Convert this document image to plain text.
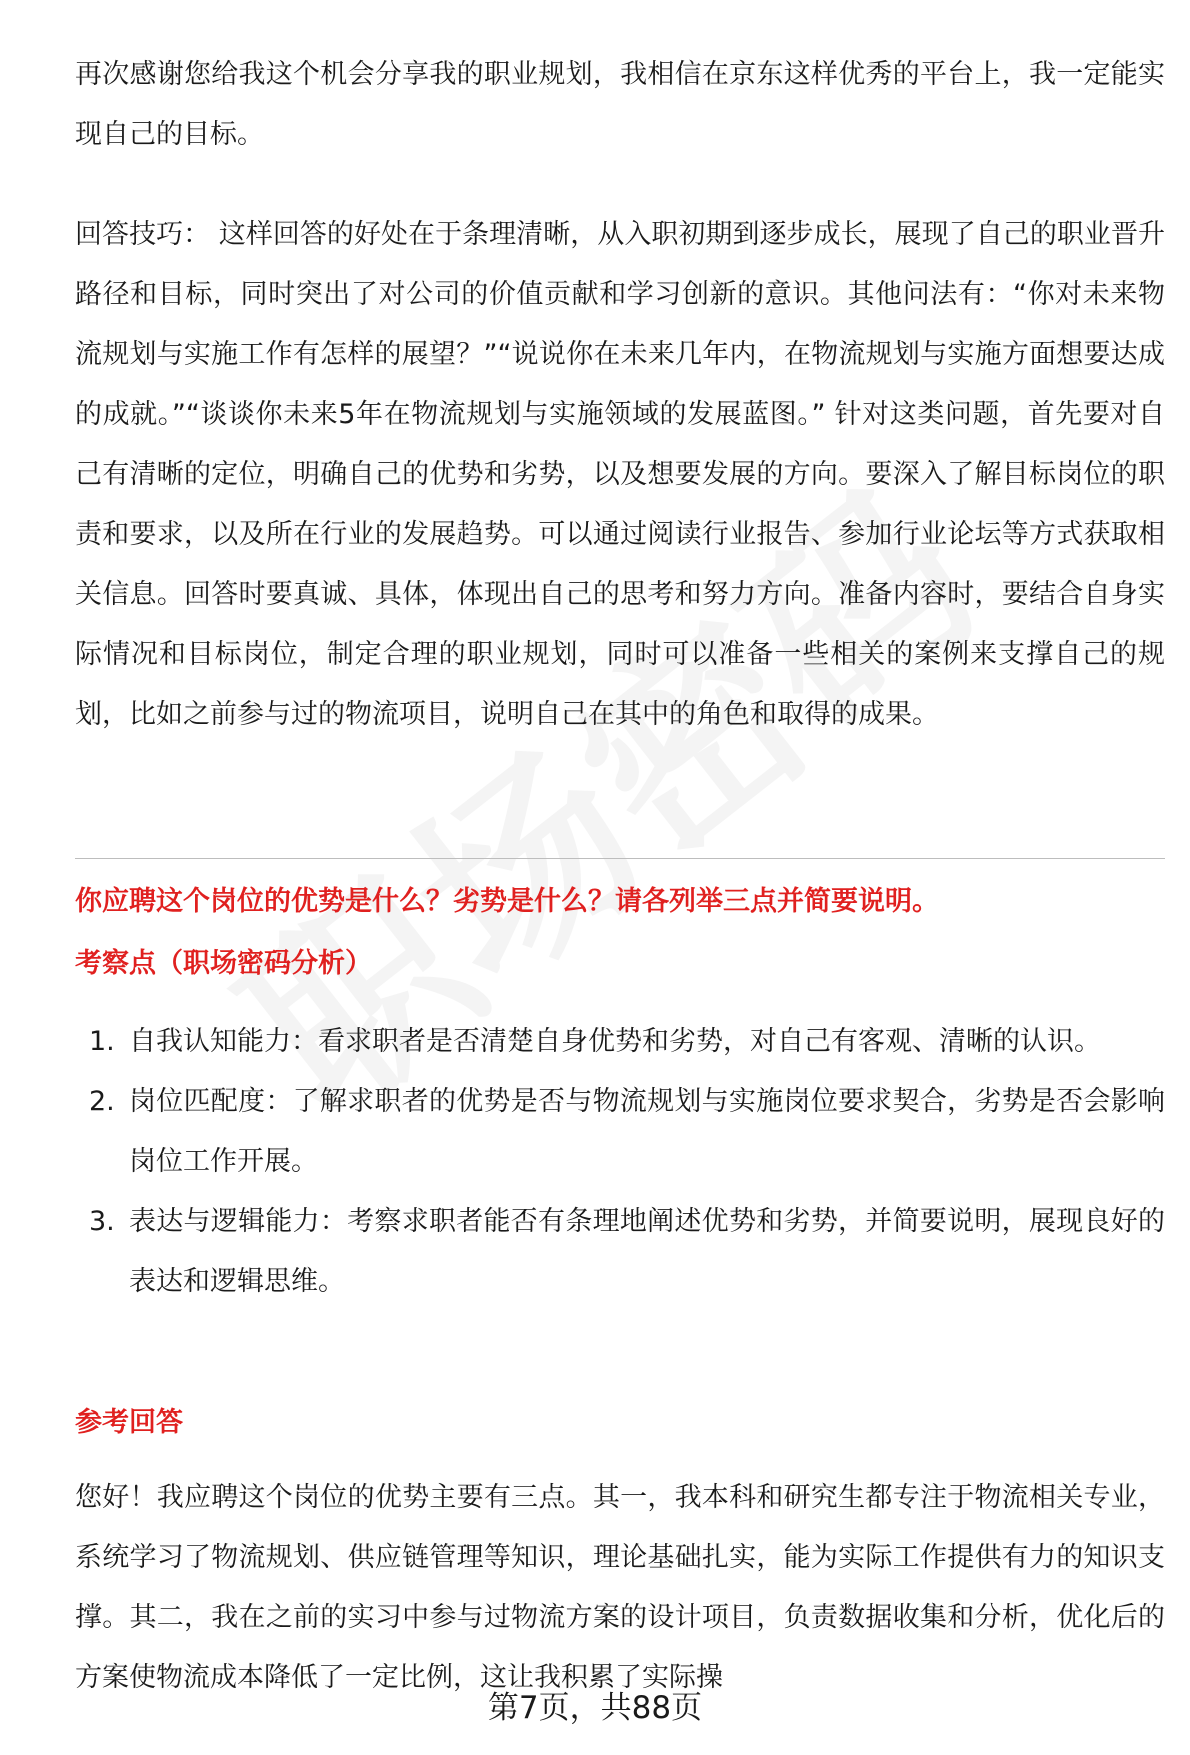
再次感谢您给我这个机会分享我的职业规划，我相信在京东这样优秀的平台上，我一定能实现自己的目标。

回答技巧： 这样回答的好处在于条理清晰，从入职初期到逐步成长，展现了自己的职业晋升路径和目标，同时突出了对公司的价值贡献和学习创新的意识。其他问法有：“你对未来物流规划与实施工作有怎样的展望？”“说说你在未来几年内，在物流规划与实施方面想要达成的成就。”“谈谈你未来5年在物流规划与实施领域的发展蓝图。” 针对这类问题，首先要对自己有清晰的定位，明确自己的优势和劣势，以及想要发展的方向。要深入了解目标岗位的职责和要求，以及所在行业的发展趋势。可以通过阅读行业报告、参加行业论坛等方式获取相关信息。回答时要真诚、具体，体现出自己的思考和努力方向。准备内容时，要结合自身实际情况和目标岗位，制定合理的职业规划，同时可以准备一些相关的案例来支撑自己的规划，比如之前参与过的物流项目，说明自己在其中的角色和取得的成果。

你应聘这个岗位的优势是什么？劣势是什么？请各列举三点并简要说明。

考察点（职场密码分析）

1. 自我认知能力：看求职者是否清楚自身优势和劣势，对自己有客观、清晰的认识。
2. 岗位匹配度：了解求职者的优势是否与物流规划与实施岗位要求契合，劣势是否会影响岗位工作开展。
3. 表达与逻辑能力：考察求职者能否有条理地阐述优势和劣势，并简要说明，展现良好的表达和逻辑思维。

参考回答

您好！我应聘这个岗位的优势主要有三点。其一，我本科和研究生都专注于物流相关专业，系统学习了物流规划、供应链管理等知识，理论基础扎实，能为实际工作提供有力的知识支撑。其二，我在之前的实习中参与过物流方案的设计项目，负责数据收集和分析，优化后的方案使物流成本降低了一定比例，这让我积累了实际操

第7页，共88页
